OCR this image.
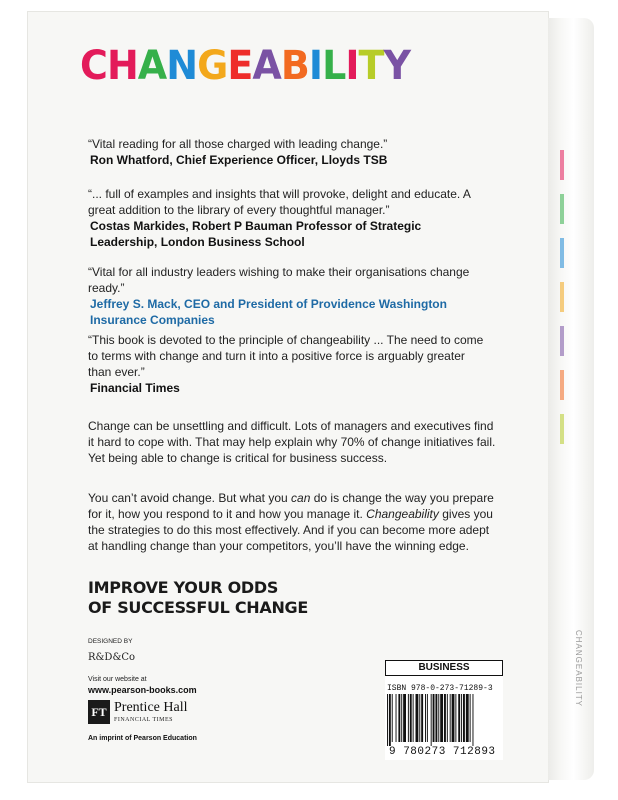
CHANGEABILITY
CHANGEABILITY
“Vital reading for all those charged with leading change.”
Ron Whatford, Chief Experience Officer, Lloyds TSB
“... full of examples and insights that will provoke, delight and educate. A great addition to the library of every thoughtful manager.”
Costas Markides, Robert P Bauman Professor of Strategic Leadership, London Business School
“Vital for all industry leaders wishing to make their organisations change ready.”
Jeffrey S. Mack, CEO and President of Providence Washington Insurance Companies
“This book is devoted to the principle of changeability ... The need to come to terms with change and turn it into a positive force is arguably greater than ever.”
Financial Times
Change can be unsettling and difficult. Lots of managers and executives find it hard to cope with. That may help explain why 70% of change initiatives fail. Yet being able to change is critical for business success.
You can’t avoid change. But what you can do is change the way you prepare for it, how you respond to it and how you manage it. Changeability gives you the strategies to do this most effectively. And if you can become more adept at handling change than your competitors, you’ll have the winning edge.
IMPROVE YOUR ODDS
OF SUCCESSFUL CHANGE
DESIGNED BY
R&D&Co
Visit our website at
www.pearson-books.com
FT Prentice Hall
FINANCIAL TIMES
An imprint of Pearson Education
BUSINESS
ISBN 978-0-273-71289-3
9 780273 712893
